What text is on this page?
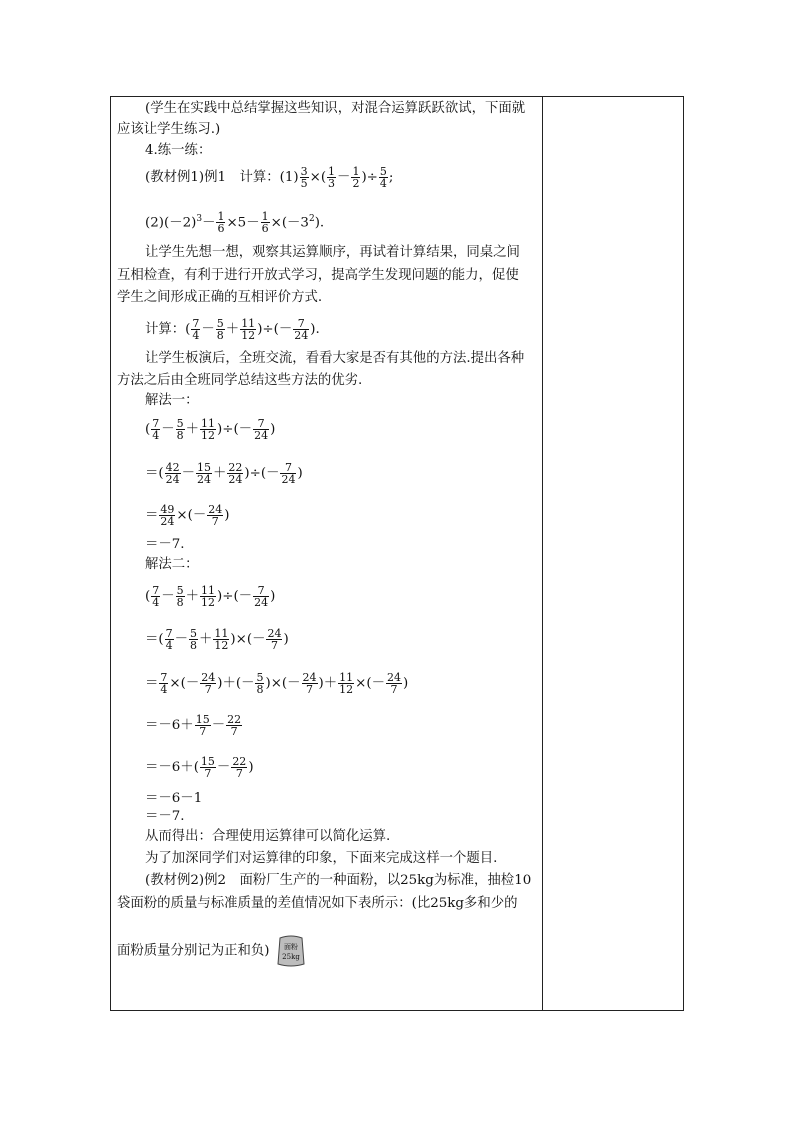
(学生在实践中总结掌握这些知识，对混合运算跃跃欲试，下面就
应该让学生练习.)
4.练一练：
(教材例1)例1　计算：$(1) \frac{3}{5}$ ×( $\frac{1}{3} - \frac{1}{2}$ )÷ $\frac{5}{4}$ ;
$(2)(-2)^3- \frac{1}{6} \times 5- \frac{1}{6} \times(-3^2)$.
让学生先想一想，观察其运算顺序，再试着计算结果，同桌之间
互相检查，有利于进行开放式学习，提高学生发现问题的能力，促使
学生之间形成正确的互相评价方式.
计算：( $\frac{7}{4} - \frac{5}{8} + \frac{11}{12}$ )÷(－ $\frac{7}{24}$ ).
让学生板演后，全班交流，看看大家是否有其他的方法.提出各种
方法之后由全班同学总结这些方法的优劣.
解法一：
( $\frac{7}{4} - \frac{5}{8} + \frac{11}{12}$ )÷(－ $\frac{7}{24}$ )
＝( $\frac{42}{24} - \frac{15}{24} + \frac{22}{24}$ )÷(－ $\frac{7}{24}$ )
＝ $\frac{49}{24}$ ×(－ $\frac{24}{7}$ )
＝－7.
解法二：
( $\frac{7}{4} - \frac{5}{8} + \frac{11}{12}$ )÷(－ $\frac{7}{24}$ )
＝( $\frac{7}{4} - \frac{5}{8} + \frac{11}{12}$ )×(－ $\frac{24}{7}$ )
＝ $\frac{7}{4}$ ×(－ $\frac{24}{7}$ )＋(－ $\frac{5}{8}$ )×(－ $\frac{24}{7}$ )＋ $\frac{11}{12}$ ×(－ $\frac{24}{7}$ )
$=-6+ \frac{15}{7} - \frac{22}{7}$
$=-6+( \frac{15}{7} - \frac{22}{7}$ )
＝－6－1
＝－7.
从而得出：合理使用运算律可以简化运算.
为了加深同学们对运算律的印象，下面来完成这样一个题目.
(教材例2)例2　面粉厂生产的一种面粉，以25kg为标准，抽检10
袋面粉的质量与标准质量的差值情况如下表所示：(比25kg多和少的
面粉质量分别记为正和负) 面粉
25kg
